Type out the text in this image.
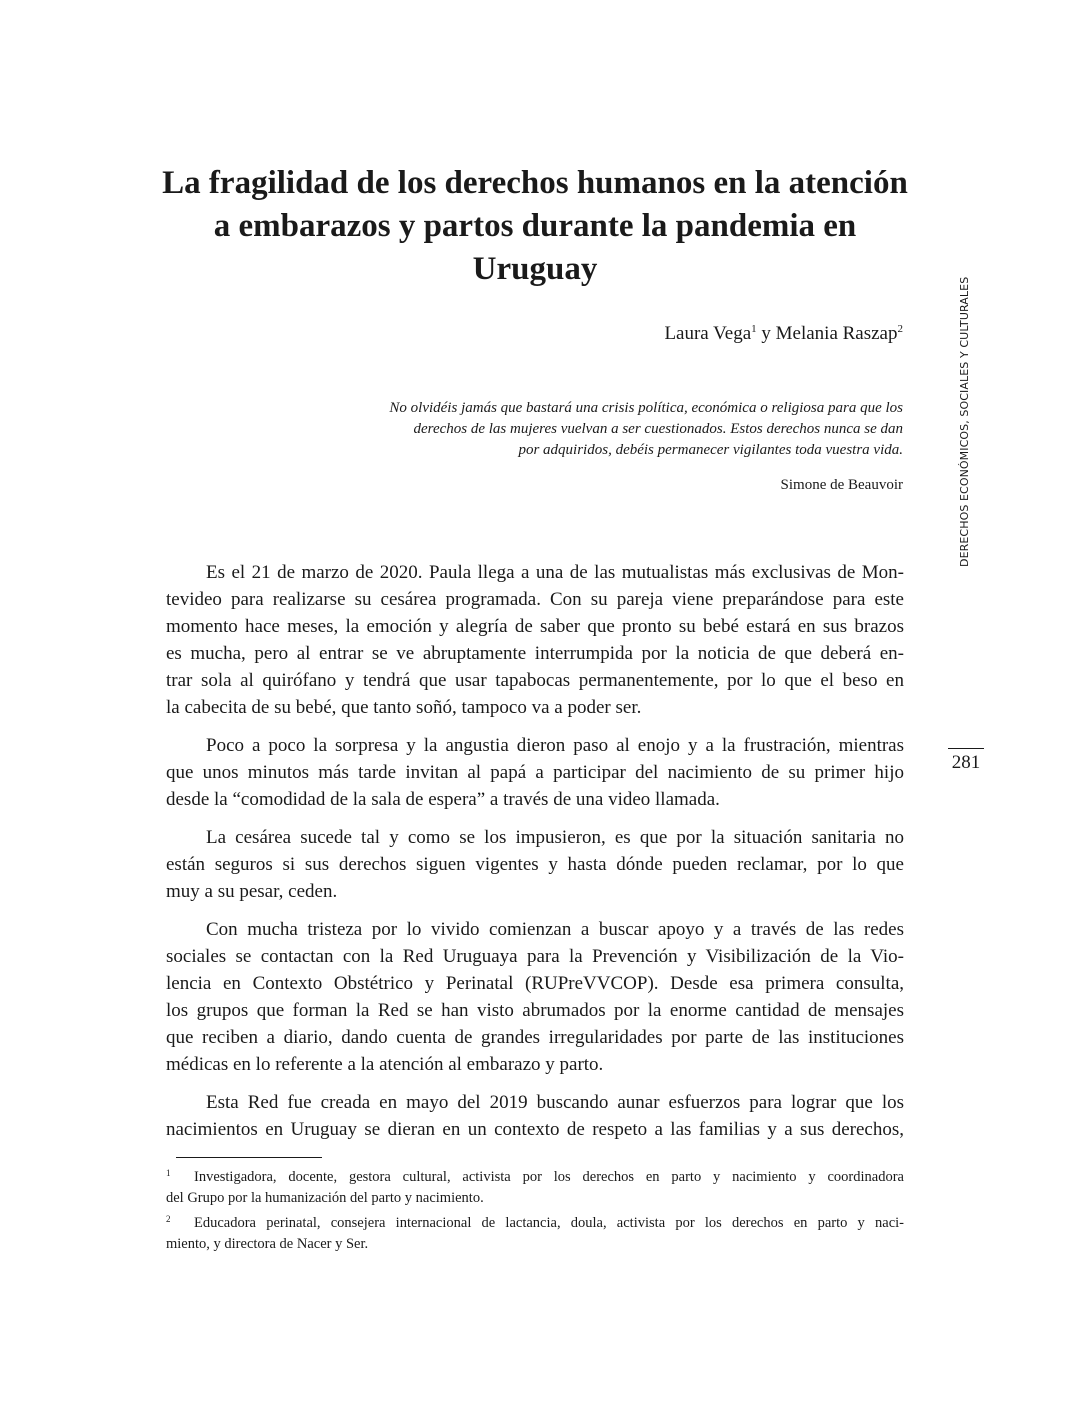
La fragilidad de los derechos humanos en la atención
a embarazos y partos durante la pandemia en
Uruguay
Laura Vega$^1$ y Melania Raszap$^2$
No olvidéis jamás que bastará una crisis política, económica o religiosa para que los
derechos de las mujeres vuelvan a ser cuestionados. Estos derechos nunca se dan
por adquiridos, debéis permanecer vigilantes toda vuestra vida.
Simone de Beauvoir

Es el 21 de marzo de 2020. Paula llega a una de las mutualistas más exclusivas de Mon-
tevideo para realizarse su cesárea programada. Con su pareja viene preparándose para este
momento hace meses, la emoción y alegría de saber que pronto su bebé estará en sus brazos
es mucha, pero al entrar se ve abruptamente interrumpida por la noticia de que deberá en-
trar sola al quirófano y tendrá que usar tapabocas permanentemente, por lo que el beso en
la cabecita de su bebé, que tanto soñó, tampoco va a poder ser.

Poco a poco la sorpresa y la angustia dieron paso al enojo y a la frustración, mientras
que unos minutos más tarde invitan al papá a participar del nacimiento de su primer hijo
desde la “comodidad de la sala de espera” a través de una video llamada.

La cesárea sucede tal y como se los impusieron, es que por la situación sanitaria no
están seguros si sus derechos siguen vigentes y hasta dónde pueden reclamar, por lo que
muy a su pesar, ceden.

Con mucha tristeza por lo vivido comienzan a buscar apoyo y a través de las redes
sociales se contactan con la Red Uruguaya para la Prevención y Visibilización de la Vio-
lencia en Contexto Obstétrico y Perinatal (RUPreVVCOP). Desde esa primera consulta,
los grupos que forman la Red se han visto abrumados por la enorme cantidad de mensajes
que reciben a diario, dando cuenta de grandes irregularidades por parte de las instituciones
médicas en lo referente a la atención al embarazo y parto.

Esta Red fue creada en mayo del 2019 buscando aunar esfuerzos para lograr que los
nacimientos en Uruguay se dieran en un contexto de respeto a las familias y a sus derechos,

1 Investigadora, docente, gestora cultural, activista por los derechos en parto y nacimiento y coordinadora
del Grupo por la humanización del parto y nacimiento.

2 Educadora perinatal, consejera internacional de lactancia, doula, activista por los derechos en parto y naci-
miento, y directora de Nacer y Ser.

DERECHOS ECONÓMICOS, SOCIALES Y CULTURALES
281
